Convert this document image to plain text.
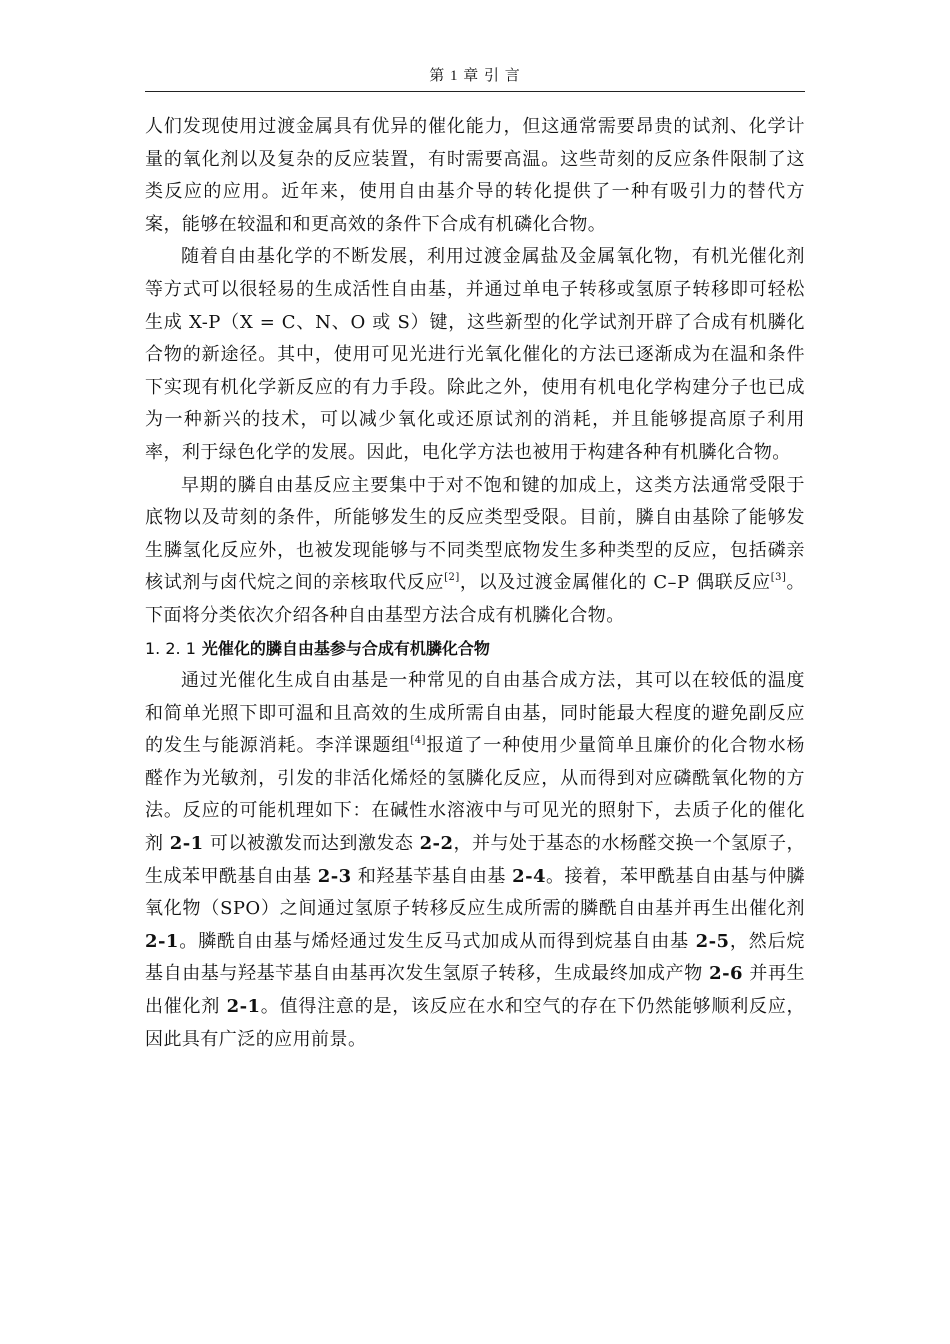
第 1 章 引 言

人们发现使用过渡金属具有优异的催化能力，但这通常需要昂贵的试剂、化学计量的氧化剂以及复杂的反应装置，有时需要高温。这些苛刻的反应条件限制了这类反应的应用。近年来，使用自由基介导的转化提供了一种有吸引力的替代方案，能够在较温和和更高效的条件下合成有机磷化合物。

随着自由基化学的不断发展，利用过渡金属盐及金属氧化物，有机光催化剂等方式可以很轻易的生成活性自由基，并通过单电子转移或氢原子转移即可轻松生成 X-P（X = C、N、O 或 S）键，这些新型的化学试剂开辟了合成有机膦化合物的新途径。其中，使用可见光进行光氧化催化的方法已逐渐成为在温和条件下实现有机化学新反应的有力手段。除此之外，使用有机电化学构建分子也已成为一种新兴的技术，可以减少氧化或还原试剂的消耗，并且能够提高原子利用率，利于绿色化学的发展。因此，电化学方法也被用于构建各种有机膦化合物。

早期的膦自由基反应主要集中于对不饱和键的加成上，这类方法通常受限于底物以及苛刻的条件，所能够发生的反应类型受限。目前，膦自由基除了能够发生膦氢化反应外，也被发现能够与不同类型底物发生多种类型的反应，包括磷亲核试剂与卤代烷之间的亲核取代反应[2]，以及过渡金属催化的 C–P 偶联反应[3]。下面将分类依次介绍各种自由基型方法合成有机膦化合物。

1. 2. 1 光催化的膦自由基参与合成有机膦化合物

通过光催化生成自由基是一种常见的自由基合成方法，其可以在较低的温度和简单光照下即可温和且高效的生成所需自由基，同时能最大程度的避免副反应的发生与能源消耗。李洋课题组[4]报道了一种使用少量简单且廉价的化合物水杨醛作为光敏剂，引发的非活化烯烃的氢膦化反应，从而得到对应磷酰氧化物的方法。反应的可能机理如下：在碱性水溶液中与可见光的照射下，去质子化的催化剂 2-1 可以被激发而达到激发态 2-2，并与处于基态的水杨醛交换一个氢原子，生成苯甲酰基自由基 2-3 和羟基苄基自由基 2-4。接着，苯甲酰基自由基与仲膦氧化物（SPO）之间通过氢原子转移反应生成所需的膦酰自由基并再生出催化剂 2-1。膦酰自由基与烯烃通过发生反马式加成从而得到烷基自由基 2-5，然后烷基自由基与羟基苄基自由基再次发生氢原子转移，生成最终加成产物 2-6 并再生出催化剂 2-1。值得注意的是，该反应在水和空气的存在下仍然能够顺利反应，因此具有广泛的应用前景。
